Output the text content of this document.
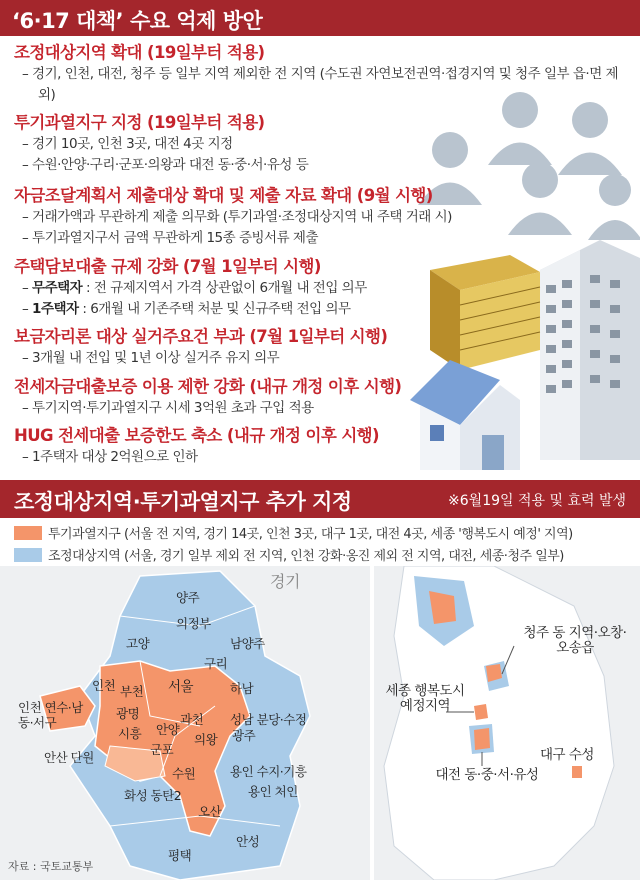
‘6·17 대책’ 수요 억제 방안
조정대상지역 확대 (19일부터 적용)
– 경기, 인천, 대전, 청주 등 일부 지역 제외한 전 지역 (수도권 자연보전권역·접경지역 및 청주 일부 읍·면 제외)
투기과열지구 지정 (19일부터 적용)
– 경기 10곳, 인천 3곳, 대전 4곳 지정
– 수원·안양·구리·군포·의왕과 대전 동·중·서·유성 등
자금조달계획서 제출대상 확대 및 제출 자료 확대 (9월 시행)
– 거래가액과 무관하게 제출 의무화 (투기과열·조정대상지역 내 주택 거래 시)
– 투기과열지구서 금액 무관하게 15종 증빙서류 제출
주택담보대출 규제 강화 (7월 1일부터 시행)
– 무주택자 : 전 규제지역서 가격 상관없이 6개월 내 전입 의무
– 1주택자 : 6개월 내 기존주택 처분 및 신규주택 전입 의무
보금자리론 대상 실거주요건 부과 (7월 1일부터 시행)
– 3개월 내 전입 및 1년 이상 실거주 유지 의무
전세자금대출보증 이용 제한 강화 (내규 개정 이후 시행)
– 투기지역·투기과열지구 시세 3억원 초과 구입 적용
HUG 전세대출 보증한도 축소 (내규 개정 이후 시행)
– 1주택자 대상 2억원으로 인하
조정대상지역·투기과열지구 추가 지정	※6월19일 적용 및 효력 발생
투기과열지구 (서울 전 지역, 경기 14곳, 인천 3곳, 대구 1곳, 대전 4곳, 세종 '행복도시 예정' 지역)
조정대상지역 (서울, 경기 일부 제외 전 지역, 인천 강화·옹진 제외 전 지역, 대전, 세종·청주 일부)
경기
양주
의정부
고양	남양주
구리
인천 부천 서울	하남
인천 연수·남동·서구
광명	과천 성남 분당·수정
시흥 안양
의왕 광주
군포
안산 단원
수원	용인 수지·기흥
화성 동탄2
오산
용인 처인
안성
평택
자료 : 국토교통부
청주 동 지역·오창·오송읍
세종 행복도시 예정지역
대전 동·중·서·유성
대구 수성
